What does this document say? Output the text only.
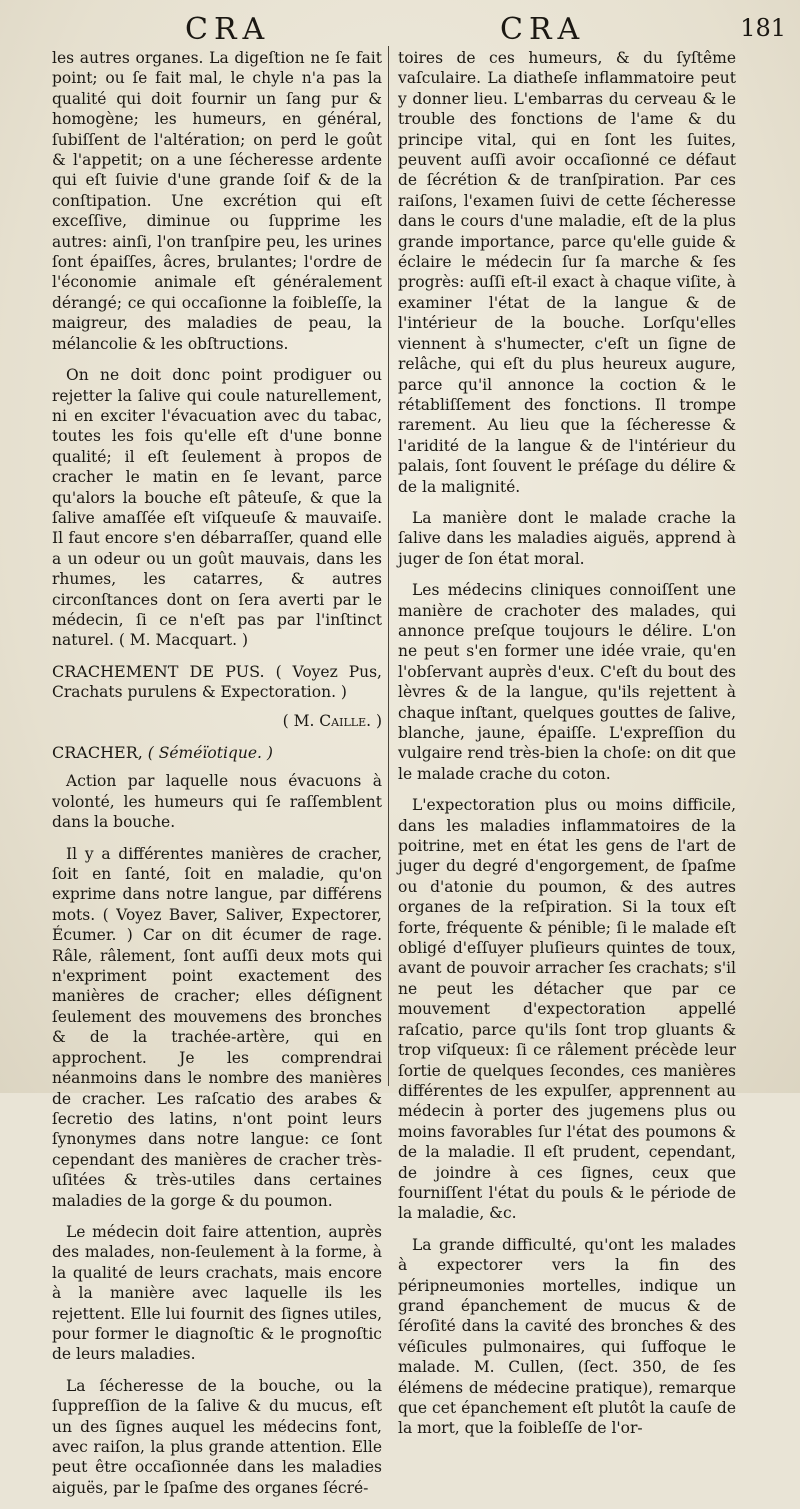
CRA	CRA	181

les autres organes. La digeſtion ne ſe fait point; ou ſe fait mal, le chyle n'a pas la qualité qui doit fournir un ſang pur & homogène; les humeurs, en général, ſubiſſent de l'altération; on perd le goût & l'appetit; on a une ſécheresse ardente qui eſt ſuivie d'une grande ſoif & de la conſtipation. Une excrétion qui eſt exceſſive, diminue ou ſupprime les autres: ainſi, l'on tranſpire peu, les urines ſont épaiſſes, âcres, brulantes; l'ordre de l'économie animale eſt généralement dérangé; ce qui occaſionne la foibleſſe, la maigreur, des maladies de peau, la mélancolie & les obſtructions.

On ne doit donc point prodiguer ou rejetter la ſalive qui coule naturellement, ni en exciter l'évacuation avec du tabac, toutes les fois qu'elle eſt d'une bonne qualité; il eſt ſeulement à propos de cracher le matin en ſe levant, parce qu'alors la bouche eſt pâteuſe, & que la ſalive amaſſée eſt viſqueuſe & mauvaiſe. Il faut encore s'en débarraſſer, quand elle a un odeur ou un goût mauvais, dans les rhumes, les catarres, & autres circonſtances dont on ſera averti par le médecin, ſi ce n'eſt pas par l'inſtinct naturel. ( M. Macquart. )

CRACHEMENT DE PUS. ( Voyez Pus, Crachats purulens & Expectoration. )
( M. Caille. )
CRACHER, ( Séméïotique. )

Action par laquelle nous évacuons à volonté, les humeurs qui ſe raſſemblent dans la bouche.

Il y a différentes manières de cracher, ſoit en ſanté, ſoit en maladie, qu'on exprime dans notre langue, par différens mots. ( Voyez Baver, Saliver, Expectorer, Écumer. ) Car on dit écumer de rage. Râle, râlement, ſont auſſi deux mots qui n'expriment point exactement des manières de cracher; elles déſignent ſeulement des mouvemens des bronches & de la trachée-artère, qui en approchent. Je les comprendrai néanmoins dans le nombre des manières de cracher. Les raſcatio des arabes & ſecretio des latins, n'ont point leurs ſynonymes dans notre langue: ce ſont cependant des manières de cracher très-uſitées & très-utiles dans certaines maladies de la gorge & du poumon.

Le médecin doit faire attention, auprès des malades, non-ſeulement à la forme, à la qualité de leurs crachats, mais encore à la manière avec laquelle ils les rejettent. Elle lui fournit des ſignes utiles, pour former le diagnoſtic & le prognoſtic de leurs maladies.

La ſécheresse de la bouche, ou la ſuppreſſion de la ſalive & du mucus, eſt un des ſignes auquel les médecins font, avec raiſon, la plus grande attention. Elle peut être occaſionnée dans les maladies aiguës, par le ſpaſme des organes ſécré-

toires de ces humeurs, & du ſyſtême vaſculaire. La diatheſe inflammatoire peut y donner lieu. L'embarras du cerveau & le trouble des fonctions de l'ame & du principe vital, qui en ſont les ſuites, peuvent auſſi avoir occaſionné ce défaut de ſécrétion & de tranſpiration. Par ces raiſons, l'examen ſuivi de cette ſécheresse dans le cours d'une maladie, eſt de la plus grande importance, parce qu'elle guide & éclaire le médecin ſur ſa marche & ſes progrès: auſſi eſt-il exact à chaque viſite, à examiner l'état de la langue & de l'intérieur de la bouche. Lorſqu'elles viennent à s'humecter, c'eſt un ſigne de relâche, qui eſt du plus heureux augure, parce qu'il annonce la coction & le rétabliſſement des fonctions. Il trompe rarement. Au lieu que la ſécheresse & l'aridité de la langue & de l'intérieur du palais, ſont ſouvent le préſage du délire & de la malignité.

La manière dont le malade crache la ſalive dans les maladies aiguës, apprend à juger de ſon état moral.

Les médecins cliniques connoiſſent une manière de crachoter des malades, qui annonce preſque toujours le délire. L'on ne peut s'en former une idée vraie, qu'en l'obſervant auprès d'eux. C'eſt du bout des lèvres & de la langue, qu'ils rejettent à chaque inſtant, quelques gouttes de ſalive, blanche, jaune, épaiſſe. L'expreſſion du vulgaire rend très-bien la choſe: on dit que le malade crache du coton.

L'expectoration plus ou moins difficile, dans les maladies inflammatoires de la poitrine, met en état les gens de l'art de juger du degré d'engorgement, de ſpaſme ou d'atonie du poumon, & des autres organes de la reſpiration. Si la toux eſt forte, fréquente & pénible; ſi le malade eſt obligé d'eſſuyer pluſieurs quintes de toux, avant de pouvoir arracher ſes crachats; s'il ne peut les détacher que par ce mouvement d'expectoration appellé raſcatio, parce qu'ils ſont trop gluants & trop viſqueux: ſi ce râlement précède leur ſortie de quelques ſecondes, ces manières différentes de les expulſer, apprennent au médecin à porter des jugemens plus ou moins favorables ſur l'état des poumons & de la maladie. Il eſt prudent, cependant, de joindre à ces ſignes, ceux que fourniſſent l'état du pouls & le période de la maladie, &c.

La grande difficulté, qu'ont les malades à expectorer vers la fin des péripneumonies mortelles, indique un grand épanchement de mucus & de ſéroſité dans la cavité des bronches & des véſicules pulmonaires, qui ſuffoque le malade. M. Cullen, (ſect. 350, de ſes élémens de médecine pratique), remarque que cet épanchement eſt plutôt la cauſe de la mort, que la foibleſſe de l'or-
